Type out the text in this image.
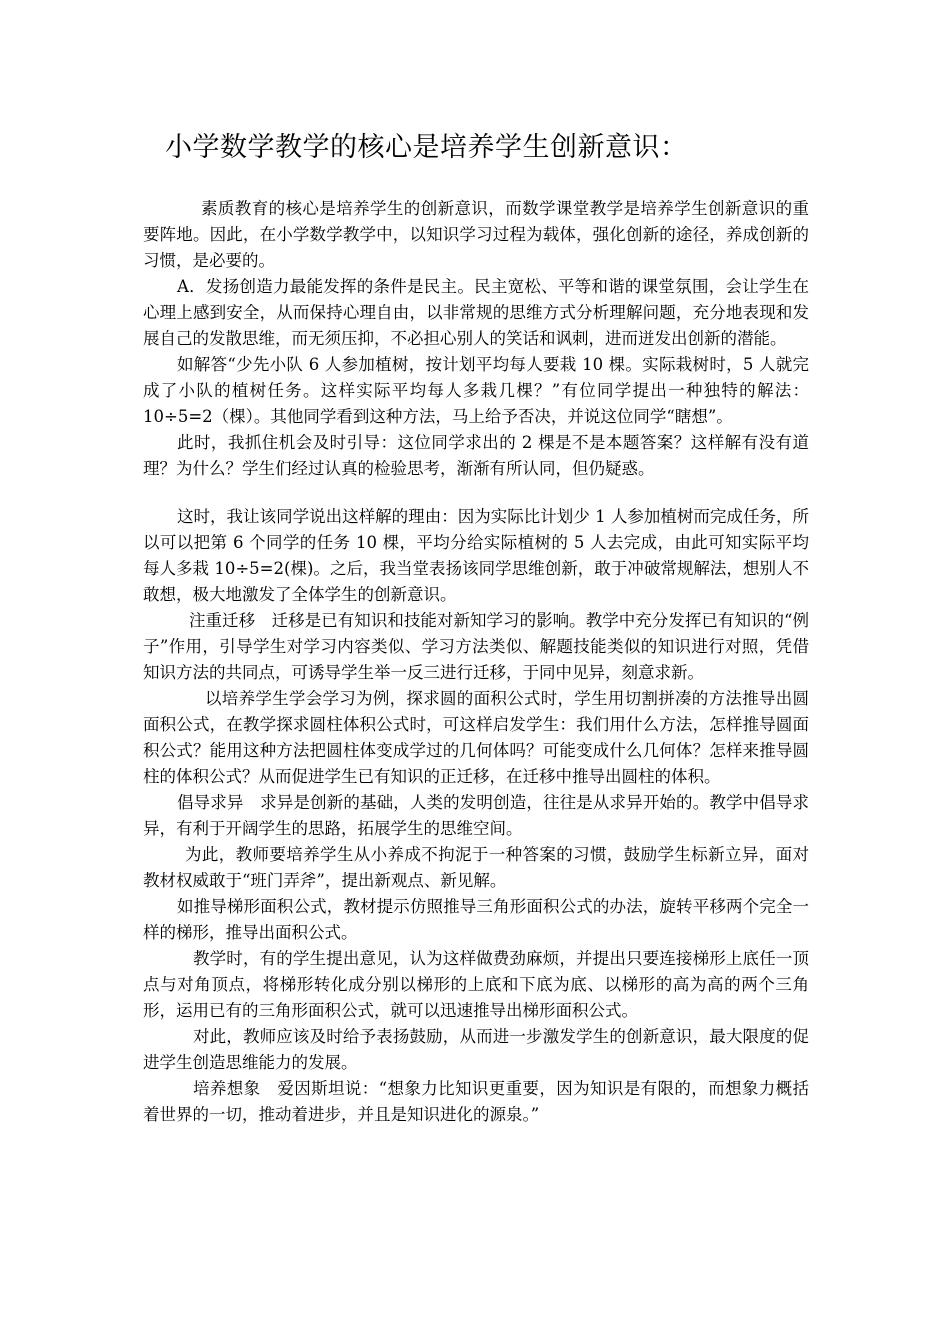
小学数学教学的核心是培养学生创新意识：

素质教育的核心是培养学生的创新意识，而数学课堂教学是培养学生创新意识的重要阵地。因此，在小学数学教学中，以知识学习过程为载体，强化创新的途径，养成创新的习惯，是必要的。

A．发扬创造力最能发挥的条件是民主。民主宽松、平等和谐的课堂氛围，会让学生在心理上感到安全，从而保持心理自由，以非常规的思维方式分析理解问题，充分地表现和发展自己的发散思维，而无须压抑，不必担心别人的笑话和讽刺，进而迸发出创新的潜能。

如解答“少先小队 6 人参加植树，按计划平均每人要栽 10 棵。实际栽树时，5 人就完成了小队的植树任务。这样实际平均每人多栽几棵？”有位同学提出一种独特的解法：10÷5=2（棵）。其他同学看到这种方法，马上给予否决，并说这位同学“瞎想”。

此时，我抓住机会及时引导：这位同学求出的 2 棵是不是本题答案？这样解有没有道理？为什么？学生们经过认真的检验思考，渐渐有所认同，但仍疑惑。

这时，我让该同学说出这样解的理由：因为实际比计划少 1 人参加植树而完成任务，所以可以把第 6 个同学的任务 10 棵，平均分给实际植树的 5 人去完成，由此可知实际平均每人多栽 10÷5=2(棵)。之后，我当堂表扬该同学思维创新，敢于冲破常规解法，想别人不敢想，极大地激发了全体学生的创新意识。

注重迁移　迁移是已有知识和技能对新知学习的影响。教学中充分发挥已有知识的“例子”作用，引导学生对学习内容类似、学习方法类似、解题技能类似的知识进行对照，凭借知识方法的共同点，可诱导学生举一反三进行迁移，于同中见异，刻意求新。

以培养学生学会学习为例，探求圆的面积公式时，学生用切割拼凑的方法推导出圆面积公式，在教学探求圆柱体积公式时，可这样启发学生：我们用什么方法，怎样推导圆面积公式？能用这种方法把圆柱体变成学过的几何体吗？可能变成什么几何体？怎样来推导圆柱的体积公式？从而促进学生已有知识的正迁移，在迁移中推导出圆柱的体积。

倡导求异　求异是创新的基础，人类的发明创造，往往是从求异开始的。教学中倡导求异，有利于开阔学生的思路，拓展学生的思维空间。

为此，教师要培养学生从小养成不拘泥于一种答案的习惯，鼓励学生标新立异，面对教材权威敢于“班门弄斧”，提出新观点、新见解。

如推导梯形面积公式，教材提示仿照推导三角形面积公式的办法，旋转平移两个完全一样的梯形，推导出面积公式。

教学时，有的学生提出意见，认为这样做费劲麻烦，并提出只要连接梯形上底任一顶点与对角顶点，将梯形转化成分别以梯形的上底和下底为底、以梯形的高为高的两个三角形，运用已有的三角形面积公式，就可以迅速推导出梯形面积公式。

对此，教师应该及时给予表扬鼓励，从而进一步激发学生的创新意识，最大限度的促进学生创造思维能力的发展。

培养想象　爱因斯坦说：“想象力比知识更重要，因为知识是有限的，而想象力概括着世界的一切，推动着进步，并且是知识进化的源泉。”
